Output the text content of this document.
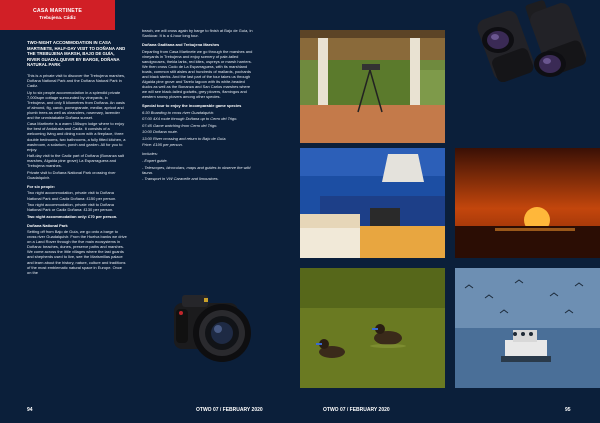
CASA MARTINETE
Trebujena. Cádiz

TWO-NIGHT ACCOMMODATION IN CASA MARTINETE, HALF-DAY VISIT TO DOÑANA AND THE TREBUJENA MARSH, BAJO DE GUÍA, RIVER GUADALQUIVIR BY BARGE, DOÑANA NATURAL PARK

This is a private visit to discover the Trebujena marshes, Doñana National Park and the Doñana Natural Park in Cadiz.

Up to six people accommodation in a splendid private 7,000sqm cottage surrounded by vineyards, in Trebujena, and only 5 kilometres from Doñana. An oasis of almond, fig, carob, pomegranate, medlar, apricot and plumb trees as well as oleanders, rosemary, lavender and the unmistakable Doñana sunset.

Casa Martinete is a warm 156sqm lodge where to enjoy the best of Andalusia and Cadiz. It consists of a welcoming living and dining room with a fireplace, three double bedrooms, two bathrooms, a fully fitted kitchen, a washroom, a solarium, porch and garden. All for you to enjoy.

Half-day visit to the Cadiz part of Doñana (Bonanza salt marshes, Algaida pine grove) La Esparraguera and Trebujena marshes.

Private visit to Doñana National Park crossing river Guadalquivir.

For six people:

Two night accommodation, private visit to Doñana National Park and Cadiz Doñana: £150 per person.

Two night accommodation, private visit to Doñana National Park or Cadiz Doñana: £130 per person.

Two night accommodation only: £70 per person.

Doñana National Park

Setting off from Bajo de Guía, we go onto a barge to cross river Guadalquivir. From the Huelva banks we drive on a Land Rover through the five main ecosystems in Doñana: beaches, dunes, preserve paths and marshes. We come across the little villages where the last guards and shepherds used to live, see the Marismillas palace and learn about the history, nature, culture and traditions of the most emblematic natural space in Europe. Once on the

beach, we will cross again by barge to finish at Bajo de Guía, in Sanlúcar. It is a 4-hour long tour.

Doñana Gaditana and Trebujena Marshes

Departing from Casa Martinete we go through the marshes and vineyards in Trebujena and enjoy scenery of pale-tailed sandgrouses, thekla larks, red kites, ospreys or marsh harriers. We then cross Codo de La Esparraguera, with its marshland boats, common stilt aisles and hundreds of mallards, pochards and black sterks. And the last part of the tour takes us through Algaida pine grove and Tarelo lagoon with its white-headed ducks as well as the Bonanza and San Carlos marshes where we will see black-tailed godwits, grey plovers, flamingos and western snowy plovers among other species.

Special tour to enjoy the incomparable game species

6:30 Boarding to cross river Guadalquivir.

07:00 4X4 route through Doñana up to Cerro del Trigo.

07:45 Game watching from Cerro del Trigo.

10:00 Doñana route.

13:00 River crossing and return to Bajo de Guía.

Price: £195 per person.

Includes:

- Expert guide.

- Telescopes, binoculars, maps and guides to observe the wild fauna.

- Transport in VW Caravelle and limousines.

94	OTWO 07 / FEBRUARY 2020	OTWO 07 / FEBRUARY 2020	95
